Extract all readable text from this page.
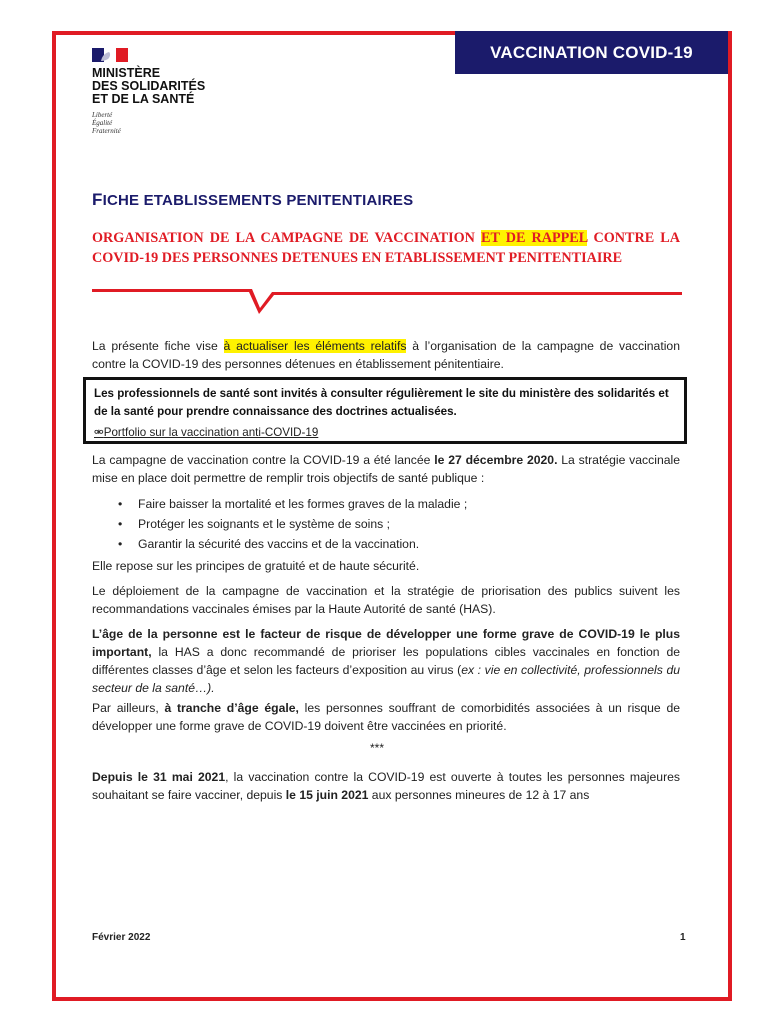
VACCINATION COVID-19
MINISTÈRE
DES SOLIDARITÉS
ET DE LA SANTÉ
Liberté
Égalité
Fraternité
FICHE ETABLISSEMENTS PENITENTIAIRES
ORGANISATION DE LA CAMPAGNE DE VACCINATION ET DE RAPPEL CONTRE LA COVID-19 DES PERSONNES DETENUES EN ETABLISSEMENT PENITENTIAIRE
La présente fiche vise à actualiser les éléments relatifs à l’organisation de la campagne de vaccination contre la COVID-19 des personnes détenues en établissement pénitentiaire.
Les professionnels de santé sont invités à consulter régulièrement le site du ministère des solidarités et de la santé pour prendre connaissance des doctrines actualisées.
⚮Portfolio sur la vaccination anti-COVID-19
La campagne de vaccination contre la COVID-19 a été lancée le 27 décembre 2020. La stratégie vaccinale mise en place doit permettre de remplir trois objectifs de santé publique :
• Faire baisser la mortalité et les formes graves de la maladie ;
• Protéger les soignants et le système de soins ;
• Garantir la sécurité des vaccins et de la vaccination.
Elle repose sur les principes de gratuité et de haute sécurité.
Le déploiement de la campagne de vaccination et la stratégie de priorisation des publics suivent les recommandations vaccinales émises par la Haute Autorité de santé (HAS).
L’âge de la personne est le facteur de risque de développer une forme grave de COVID-19 le plus important, la HAS a donc recommandé de prioriser les populations cibles vaccinales en fonction de différentes classes d’âge et selon les facteurs d’exposition au virus (ex : vie en collectivité, professionnels du secteur de la santé…).
Par ailleurs, à tranche d’âge égale, les personnes souffrant de comorbidités associées à un risque de développer une forme grave de COVID-19 doivent être vaccinées en priorité.
***
Depuis le 31 mai 2021, la vaccination contre la COVID-19 est ouverte à toutes les personnes majeures souhaitant se faire vacciner, depuis le 15 juin 2021 aux personnes mineures de 12 à 17 ans
Février 2022	1
